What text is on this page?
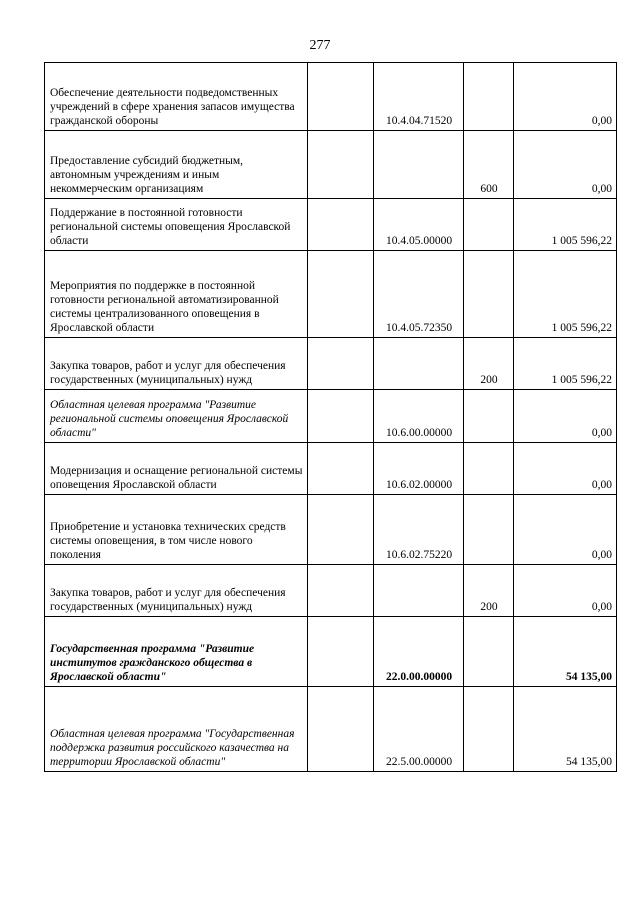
277
Обеспечение деятельности подведомственных учреждений в сфере хранения запасов имущества гражданской обороны		10.4.04.71520		0,00
Предоставление субсидий бюджетным, автономным учреждениям и иным некоммерческим организациям			600	0,00
Поддержание в постоянной готовности региональной системы оповещения Ярославской области		10.4.05.00000		1 005 596,22
Мероприятия по поддержке в постоянной готовности региональной автоматизированной системы централизованного оповещения в Ярославской области		10.4.05.72350		1 005 596,22
Закупка товаров, работ и услуг для обеспечения государственных (муниципальных) нужд			200	1 005 596,22
Областная целевая программа "Развитие региональной системы оповещения Ярославской области"		10.6.00.00000		0,00
Модернизация и оснащение региональной системы оповещения Ярославской области		10.6.02.00000		0,00
Приобретение и установка технических средств системы оповещения, в том числе нового поколения		10.6.02.75220		0,00
Закупка товаров, работ и услуг для обеспечения государственных (муниципальных) нужд			200	0,00
Государственная программа "Развитие институтов гражданского общества в Ярославской области"		22.0.00.00000		54 135,00
Областная целевая программа "Государственная поддержка развития российского казачества на территории Ярославской области"		22.5.00.00000		54 135,00
